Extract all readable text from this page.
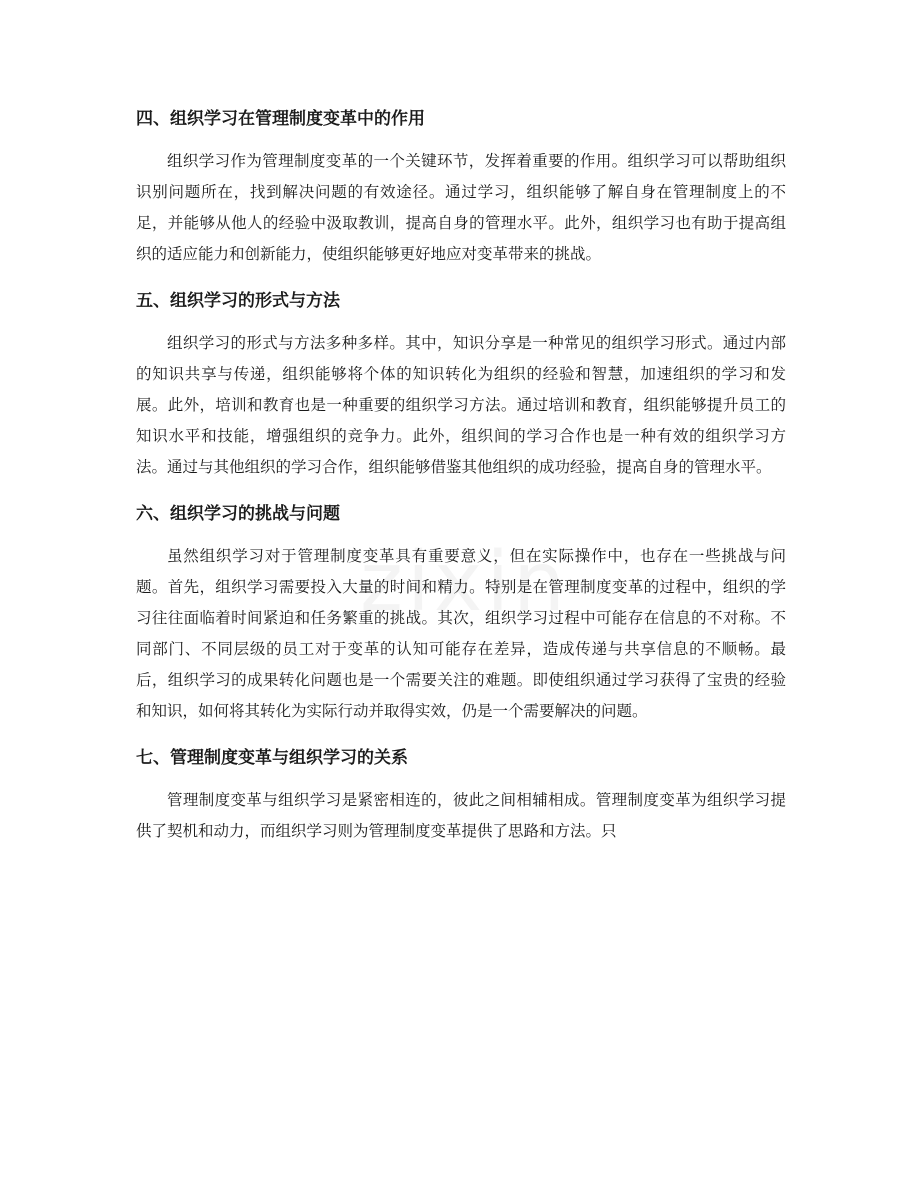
四、组织学习在管理制度变革中的作用

组织学习作为管理制度变革的一个关键环节，发挥着重要的作用。组织学习可以帮助组织识别问题所在，找到解决问题的有效途径。通过学习，组织能够了解自身在管理制度上的不足，并能够从他人的经验中汲取教训，提高自身的管理水平。此外，组织学习也有助于提高组织的适应能力和创新能力，使组织能够更好地应对变革带来的挑战。

五、组织学习的形式与方法

组织学习的形式与方法多种多样。其中，知识分享是一种常见的组织学习形式。通过内部的知识共享与传递，组织能够将个体的知识转化为组织的经验和智慧，加速组织的学习和发展。此外，培训和教育也是一种重要的组织学习方法。通过培训和教育，组织能够提升员工的知识水平和技能，增强组织的竞争力。此外，组织间的学习合作也是一种有效的组织学习方法。通过与其他组织的学习合作，组织能够借鉴其他组织的成功经验，提高自身的管理水平。

六、组织学习的挑战与问题

虽然组织学习对于管理制度变革具有重要意义，但在实际操作中，也存在一些挑战与问题。首先，组织学习需要投入大量的时间和精力。特别是在管理制度变革的过程中，组织的学习往往面临着时间紧迫和任务繁重的挑战。其次，组织学习过程中可能存在信息的不对称。不同部门、不同层级的员工对于变革的认知可能存在差异，造成传递与共享信息的不顺畅。最后，组织学习的成果转化问题也是一个需要关注的难题。即使组织通过学习获得了宝贵的经验和知识，如何将其转化为实际行动并取得实效，仍是一个需要解决的问题。

七、管理制度变革与组织学习的关系

管理制度变革与组织学习是紧密相连的，彼此之间相辅相成。管理制度变革为组织学习提供了契机和动力，而组织学习则为管理制度变革提供了思路和方法。只
